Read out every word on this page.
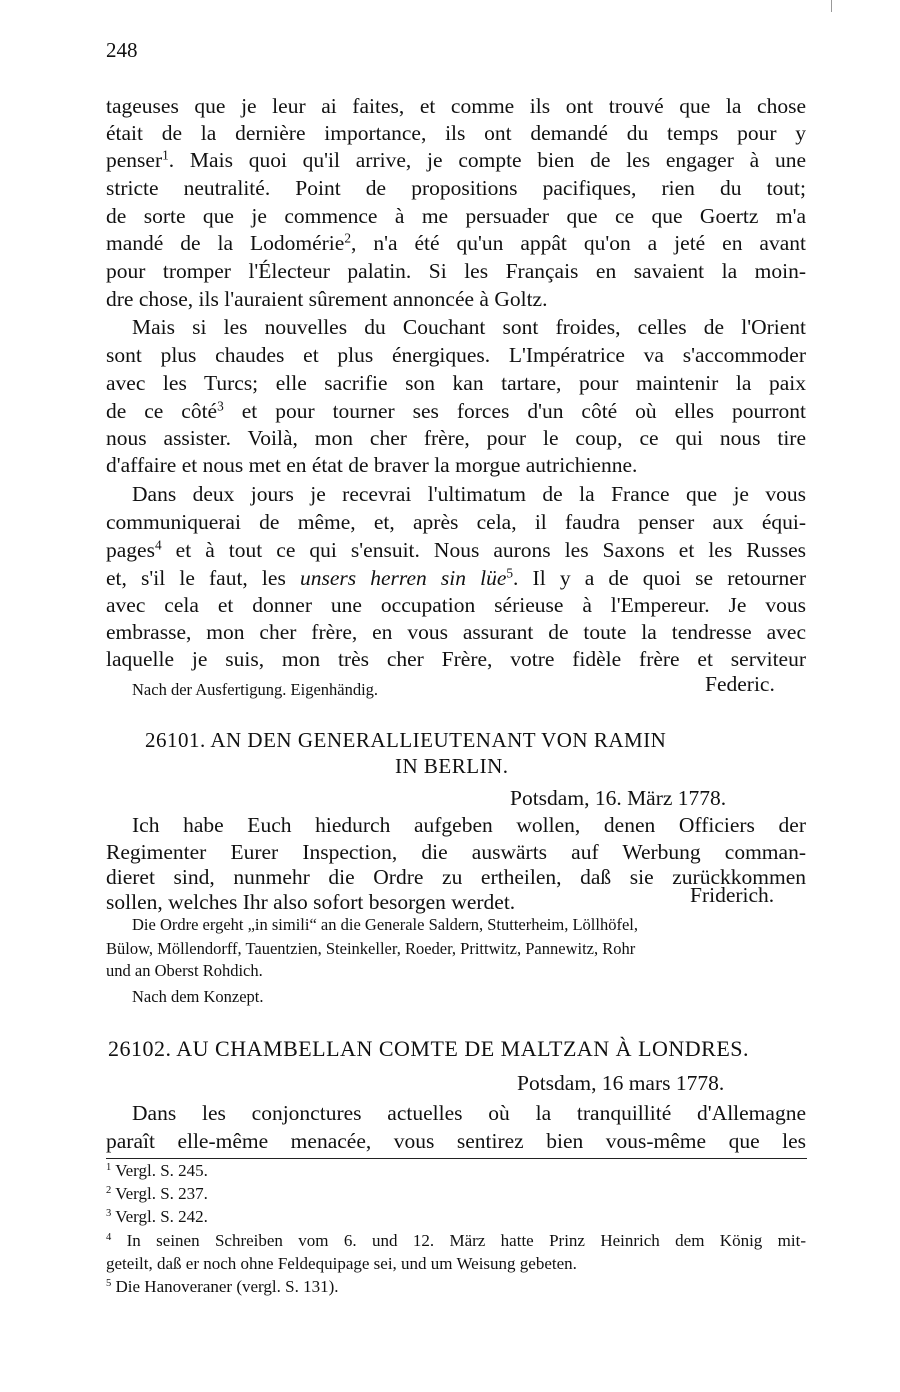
248
tageuses que je leur ai faites, et comme ils ont trouvé que la chose
était de la dernière importance, ils ont demandé du temps pour y
penser$^1$. Mais quoi qu'il arrive, je compte bien de les engager à une
stricte neutralité. Point de propositions pacifiques, rien du tout;
de sorte que je commence à me persuader que ce que Goertz m'a
mandé de la Lodomérie$^2$, n'a été qu'un appât qu'on a jeté en avant
pour tromper l'Électeur palatin. Si les Français en savaient la moin-
dre chose, ils l'auraient sûrement annoncée à Goltz.
Mais si les nouvelles du Couchant sont froides, celles de l'Orient
sont plus chaudes et plus énergiques. L'Impératrice va s'accommoder
avec les Turcs; elle sacrifie son kan tartare, pour maintenir la paix
de ce côté$^3$ et pour tourner ses forces d'un côté où elles pourront
nous assister. Voilà, mon cher frère, pour le coup, ce qui nous tire
d'affaire et nous met en état de braver la morgue autrichienne.
Dans deux jours je recevrai l'ultimatum de la France que je vous
communiquerai de même, et, après cela, il faudra penser aux équi-
pages$^4$ et à tout ce qui s'ensuit. Nous aurons les Saxons et les Russes
et, s'il le faut, les unsers herren sin lüe$^5$. Il y a de quoi se retourner
avec cela et donner une occupation sérieuse à l'Empereur. Je vous
embrasse, mon cher frère, en vous assurant de toute la tendresse avec
laquelle je suis, mon très cher Frère, votre fidèle frère et serviteur
Nach der Ausfertigung. Eigenhändig.	Federic.
26101. AN DEN GENERALLIEUTENANT VON RAMIN
IN BERLIN.
Potsdam, 16. März 1778.
Ich habe Euch hiedurch aufgeben wollen, denen Officiers der
Regimenter Eurer Inspection, die auswärts auf Werbung comman-
dieret sind, nunmehr die Ordre zu ertheilen, daß sie zurückkommen
sollen, welches Ihr also sofort besorgen werdet.	Friderich.
Die Ordre ergeht „in simili“ an die Generale Saldern, Stutterheim, Löllhöfel,
Bülow, Möllendorff, Tauentzien, Steinkeller, Roeder, Prittwitz, Pannewitz, Rohr
und an Oberst Rohdich.
Nach dem Konzept.
26102. AU CHAMBELLAN COMTE DE MALTZAN À LONDRES.
Potsdam, 16 mars 1778.
Dans les conjonctures actuelles où la tranquillité d'Allemagne
paraît elle-même menacée, vous sentirez bien vous-même que les
$^1$ Vergl. S. 245.
$^2$ Vergl. S. 237.
$^3$ Vergl. S. 242.
$^4$ In seinen Schreiben vom 6. und 12. März hatte Prinz Heinrich dem König mit-
geteilt, daß er noch ohne Feldequipage sei, und um Weisung gebeten.
$^5$ Die Hanoveraner (vergl. S. 131).
